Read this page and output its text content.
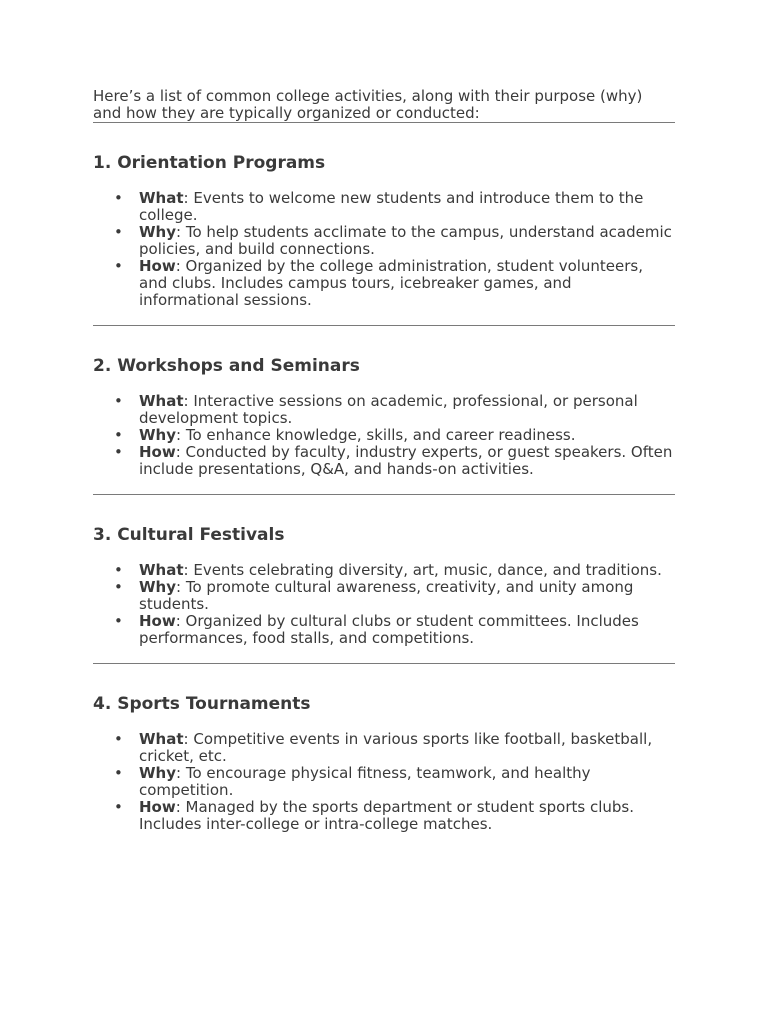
Here’s a list of common college activities, along with their purpose (why) and how they are typically organized or conducted:

1. Orientation Programs
• What: Events to welcome new students and introduce them to the college.
• Why: To help students acclimate to the campus, understand academic policies, and build connections.
• How: Organized by the college administration, student volunteers, and clubs. Includes campus tours, icebreaker games, and informational sessions.
2. Workshops and Seminars
• What: Interactive sessions on academic, professional, or personal development topics.
• Why: To enhance knowledge, skills, and career readiness.
• How: Conducted by faculty, industry experts, or guest speakers. Often include presentations, Q&A, and hands-on activities.
3. Cultural Festivals
• What: Events celebrating diversity, art, music, dance, and traditions.
• Why: To promote cultural awareness, creativity, and unity among students.
• How: Organized by cultural clubs or student committees. Includes performances, food stalls, and competitions.
4. Sports Tournaments
• What: Competitive events in various sports like football, basketball, cricket, etc.
• Why: To encourage physical fitness, teamwork, and healthy competition.
• How: Managed by the sports department or student sports clubs. Includes inter-college or intra-college matches.
